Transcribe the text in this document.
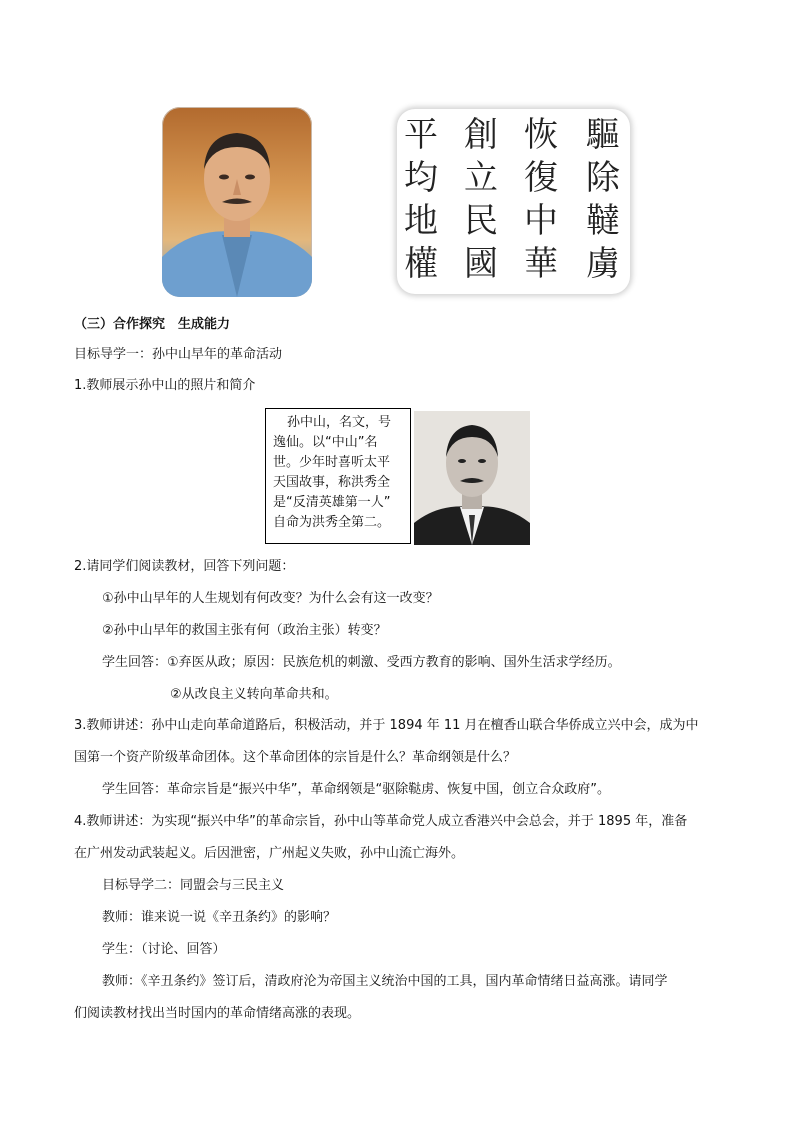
平
均
地
權
創
立
民
國
恢
復
中
華
驅
除
韃
虜
（三）合作探究　生成能力
目标导学一：孙中山早年的革命活动
1.教师展示孙中山的照片和简介
孙中山，名文，号
逸仙。以“中山”名
世。少年时喜听太平
天国故事，称洪秀全
是“反清英雄第一人”
自命为洪秀全第二。
2.请同学们阅读教材，回答下列问题：
①孙中山早年的人生规划有何改变？为什么会有这一改变？
②孙中山早年的救国主张有何（政治主张）转变？
学生回答：①弃医从政；原因：民族危机的刺激、受西方教育的影响、国外生活求学经历。
②从改良主义转向革命共和。
3.教师讲述：孙中山走向革命道路后，积极活动，并于 1894 年 11 月在檀香山联合华侨成立兴中会，成为中
国第一个资产阶级革命团体。这个革命团体的宗旨是什么？革命纲领是什么？
学生回答：革命宗旨是“振兴中华”，革命纲领是“驱除鞑虏、恢复中国，创立合众政府”。
4.教师讲述：为实现“振兴中华”的革命宗旨，孙中山等革命党人成立香港兴中会总会，并于 1895 年，准备
在广州发动武装起义。后因泄密，广州起义失败，孙中山流亡海外。
目标导学二：同盟会与三民主义
教师：谁来说一说《辛丑条约》的影响？
学生：（讨论、回答）
教师：《辛丑条约》签订后，清政府沦为帝国主义统治中国的工具，国内革命情绪日益高涨。请同学
们阅读教材找出当时国内的革命情绪高涨的表现。
